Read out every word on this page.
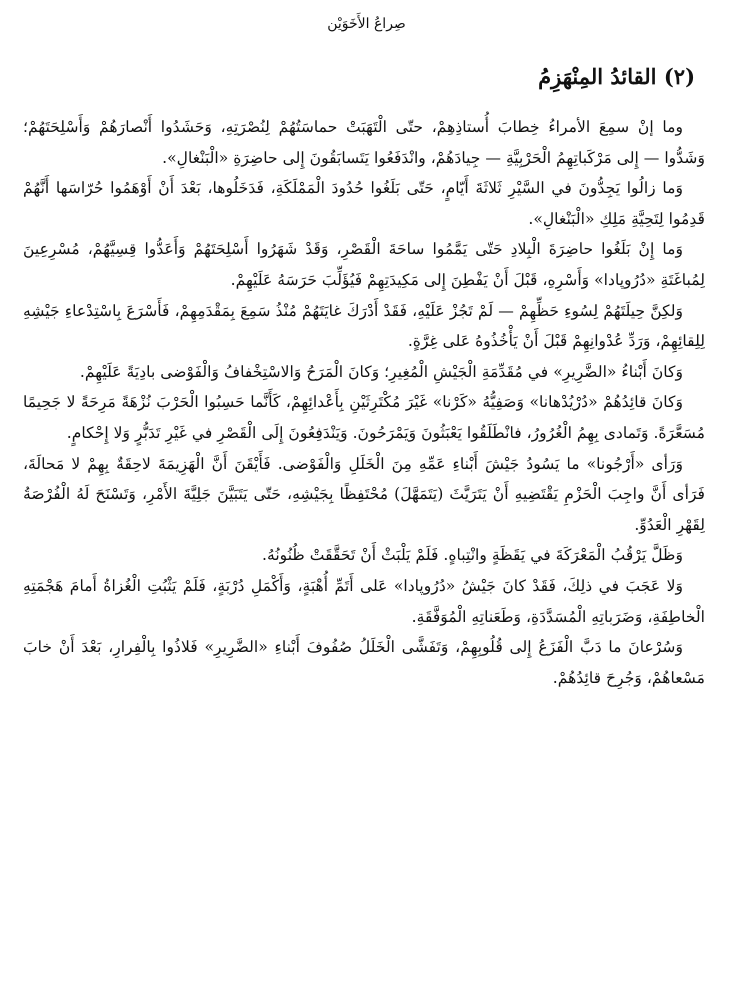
صِراعُ الأَخَوَيْن
(٢) القائدُ المِنْهَزِمُ

وما إنْ سمِعَ الأمراءُ خِطابَ أُستاذِهِمْ، حتّى الْتَهَبَتْ حماسَتُهُمْ لِنُصْرَتِهِ، وَحَشَدُوا أَنْصارَهُمْ وَأَسْلِحَتَهُمْ؛ وَشَدُّوا — إِلى مَرْكَباتِهِمُ الْحَرْبِيَّةِ — جِيادَهُمْ، وانْدَفَعُوا يَتَسابَقُونَ إِلى حاضِرَةِ «الْبَنْغالِ».

وَما زالُوا يَجِدُّونَ في السَّيْرِ ثَلاثَةَ أَيّامٍ، حَتّى بَلَغُوا حُدُودَ الْمَمْلَكَةِ، فَدَخَلُوها، بَعْدَ أَنْ أَوْهَمُوا حُرّاسَها أَنَّهُمْ قَدِمُوا لِتَحِيَّةِ مَلِكِ «الْبَنْغالِ».

وَما إِنْ بَلَغُوا حاضِرَةَ الْبِلادِ حَتّى يَمَّمُوا ساحَةَ الْقَصْرِ، وَقَدْ شَهَرُوا أَسْلِحَتَهُمْ وَأَعَدُّوا قِسِيَّهُمْ، مُسْرِعِينَ لِمُباغَتَةِ «دُرُوپادا» وَأَسْرِهِ، قَبْلَ أَنْ يَفْطِنَ إِلى مَكِيدَتِهِمْ فَيُؤَلِّبَ حَرَسَهُ عَلَيْهِمْ.

وَلكِنَّ حِيلَتَهُمْ لِسُوءِ حَظِّهِمْ — لَمْ تَجُزْ عَلَيْهِ، فَقَدْ أَدْرَكَ غايَتَهُمْ مُنْذُ سَمِعَ بِمَقْدَمِهِمْ، فَأَسْرَعَ بِاسْتِدْعاءِ جَيْشِهِ لِلِقائِهِمْ، وَرَدِّ عُدْوانِهِمْ قَبْلَ أَنْ يَأْخُذُوهُ عَلى غِرَّةٍ.

وَكانَ أَبْناءُ «الضَّرِيرِ» في مُقَدِّمَةِ الْجَيْشِ الْمُغِيرِ؛ وَكانَ الْمَرَحُ وَالاسْتِخْفافُ وَالْفَوْضى بادِيَةً عَلَيْهِمْ.

وَكانَ قائِدُهُمْ «دُرْيُدْهانا» وَصَفِيُّهُ «كَرْنا» غَيْرَ مُكْتَرِثَيْنِ بِأَعْدائِهِمْ، كَأَنَّما حَسِبُوا الْحَرْبَ نُزْهَةً مَرِحَةً لا جَحِيمًا مُسَعَّرَةً. وَتَمادى بِهِمُ الْغُرُورُ، فانْطَلَقُوا يَعْبَثُونَ وَيَمْرَحُونَ. وَيَنْدَفِعُونَ إِلَى الْقَصْرِ في غَيْرِ تَدَبُّرٍ وَلا إِحْكامٍ.

وَرَأى «أَرْجُونا» ما يَسُودُ جَيْشَ أَبْناءِ عَمِّهِ مِنَ الْخَلَلِ وَالْفَوْضى. فَأَيْقَنَ أَنَّ الْهَزِيمَةَ لاحِقَةٌ بِهِمْ لا مَحالَةَ، فَرَأى أَنَّ واجِبَ الْحَزْمِ يَقْتَضِيهِ أَنْ يَتَرَيَّثَ (يَتَمَهَّلَ) مُحْتَفِظًا بِجَيْشِهِ، حَتّى يَتَبَيَّنَ جَلِيَّةَ الأَمْرِ، وَتَسْنَحَ لَهُ الْفُرْصَةُ لِقَهْرِ الْعَدُوِّ.

وَظَلَّ يَرْقُبُ الْمَعْرَكَةَ في يَقَظَةٍ وانْتِباهٍ. فَلَمْ يَلْبَثْ أَنْ تَحَقَّقَتْ ظُنُونُهُ.

وَلا عَجَبَ في ذلِكَ، فَقَدْ كانَ جَيْشُ «دُرُوپادا» عَلى أَتَمِّ أُهْبَةٍ، وَأَكْمَلِ دُرْبَةٍ، فَلَمْ يَثْبُتِ الْغُزاةُ أَمامَ هَجْمَتِهِ الْخاطِفَةِ، وَضَرَباتِهِ الْمُسَدَّدَةِ، وَطَعَناتِهِ الْمُوَفَّقَةِ.

وَسُرْعانَ ما دَبَّ الْفَزَعُ إِلى قُلُوبِهِمْ، وَتَفَشَّى الْخَلَلُ صُفُوفَ أَبْناءِ «الضَّرِيرِ» فَلاذُوا بِالْفِرارِ، بَعْدَ أَنْ خابَ مَسْعاهُمْ، وَجُرِحَ قائِدُهُمْ.
